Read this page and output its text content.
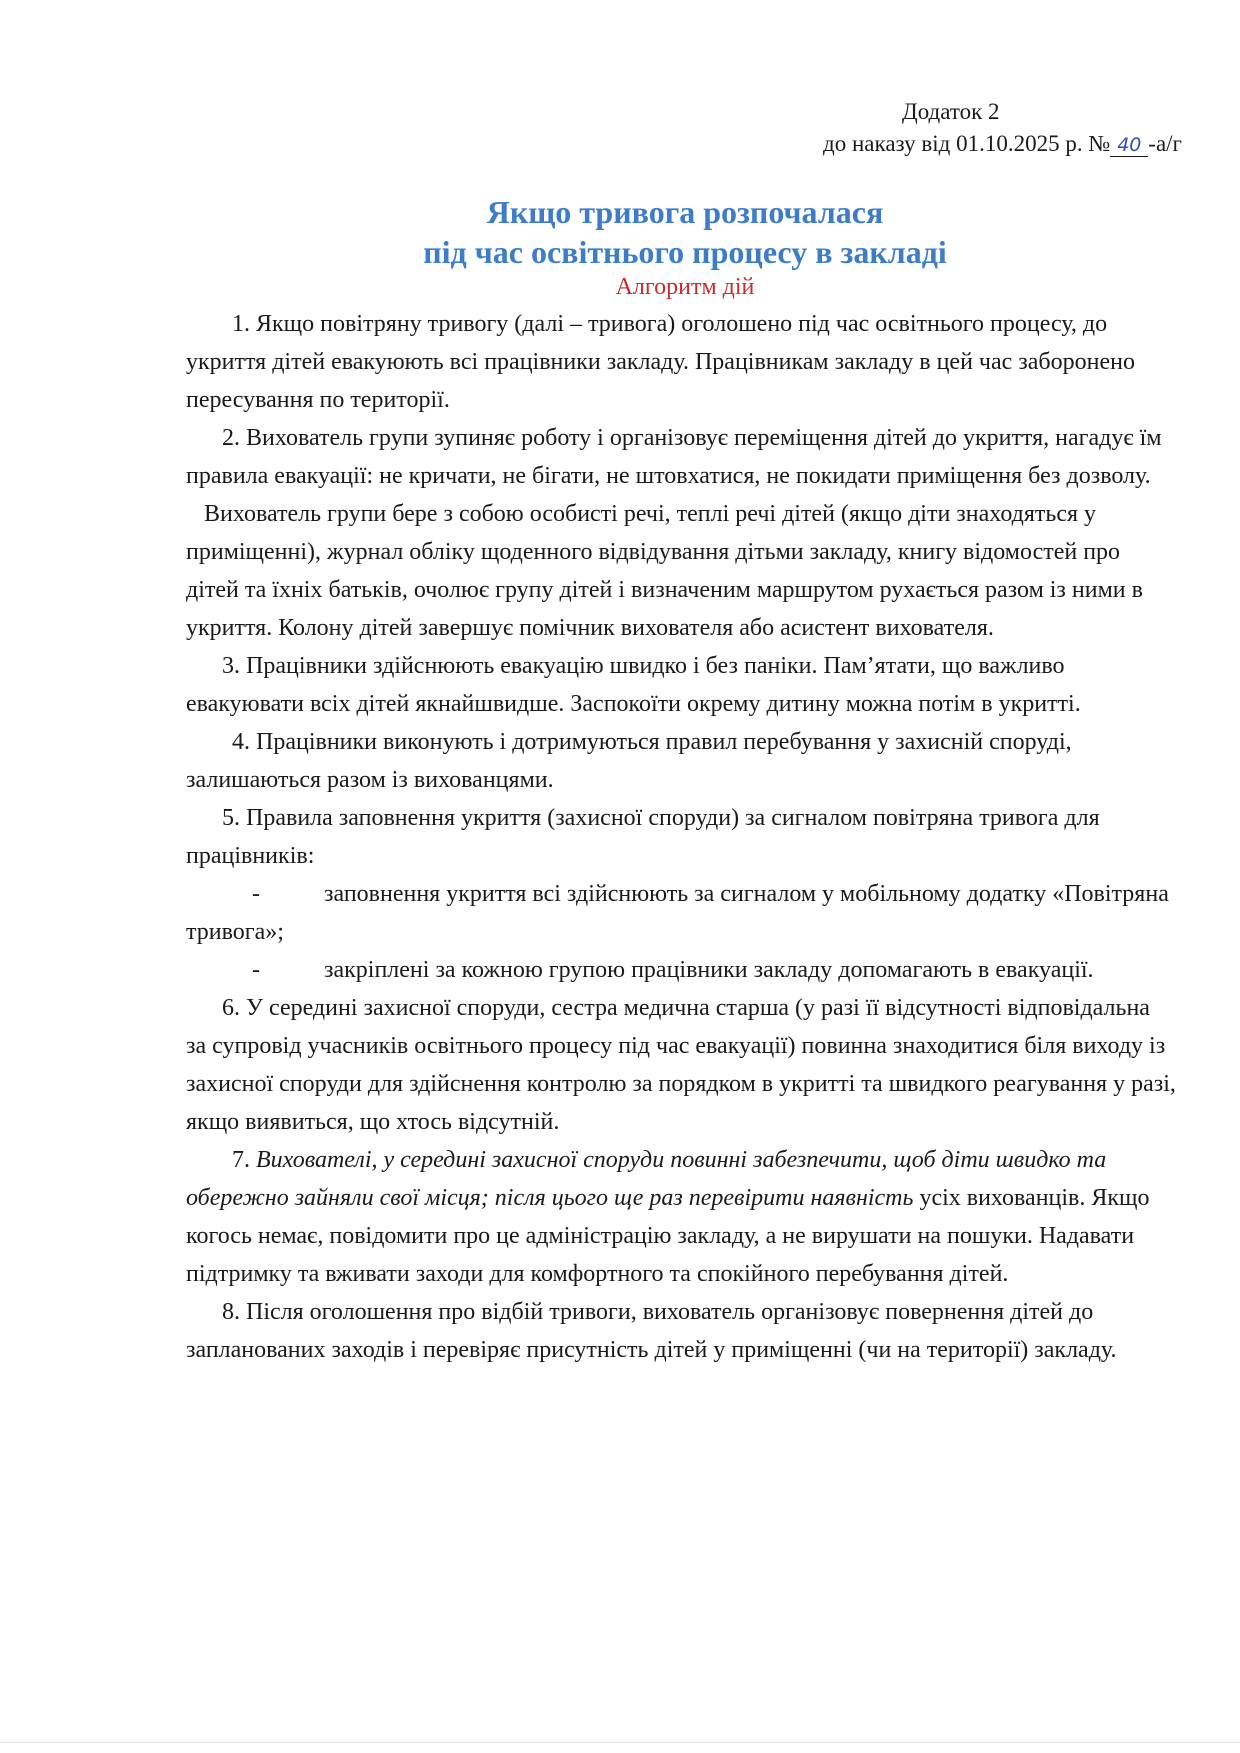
Додаток 2
до наказу від 01.10.2025 р. № 40 -а/г
Якщо тривога розпочалася
під час освітнього процесу в закладі
Алгоритм дій

1. Якщо повітряну тривогу (далі – тривога) оголошено під час освітнього процесу, до укриття дітей евакуюють всі працівники закладу. Працівникам закладу в цей час заборонено пересування по території.

2. Вихователь групи зупиняє роботу і організовує переміщення дітей до укриття, нагадує їм правила евакуації: не кричати, не бігати, не штовхатися, не покидати приміщення без дозволу.

Вихователь групи бере з собою особисті речі, теплі речі дітей (якщо діти знаходяться у приміщенні), журнал обліку щоденного відвідування дітьми закладу, книгу відомостей про дітей та їхніх батьків, очолює групу дітей і визначеним маршрутом рухається разом із ними в укриття. Колону дітей завершує помічник вихователя або асистент вихователя.

3. Працівники здійснюють евакуацію швидко і без паніки. Пам’ятати, що важливо евакуювати всіх дітей якнайшвидше. Заспокоїти окрему дитину можна потім в укритті.

4. Працівники виконують і дотримуються правил перебування у захисній споруді, залишаються разом із вихованцями.

5. Правила заповнення укриття (захисної споруди) за сигналом повітряна тривога для працівників:

-	заповнення укриття всі здійснюють за сигналом у мобільному додатку «Повітряна тривога»;

-	закріплені за кожною групою працівники закладу допомагають в евакуації.

6. У середині захисної споруди, сестра медична старша (у разі її відсутності відповідальна за супровід учасників освітнього процесу під час евакуації) повинна знаходитися біля виходу із захисної споруди для здійснення контролю за порядком в укритті та швидкого реагування у разі, якщо виявиться, що хтось відсутній.

7. Вихователі, у середині захисної споруди повинні забезпечити, щоб діти швидко та обережно зайняли свої місця; після цього ще раз перевірити наявність усіх вихованців. Якщо когось немає, повідомити про це адміністрацію закладу, а не вирушати на пошуки. Надавати підтримку та вживати заходи для комфортного та спокійного перебування дітей.

8. Після оголошення про відбій тривоги, вихователь організовує повернення дітей до запланованих заходів і перевіряє присутність дітей у приміщенні (чи на території) закладу.
